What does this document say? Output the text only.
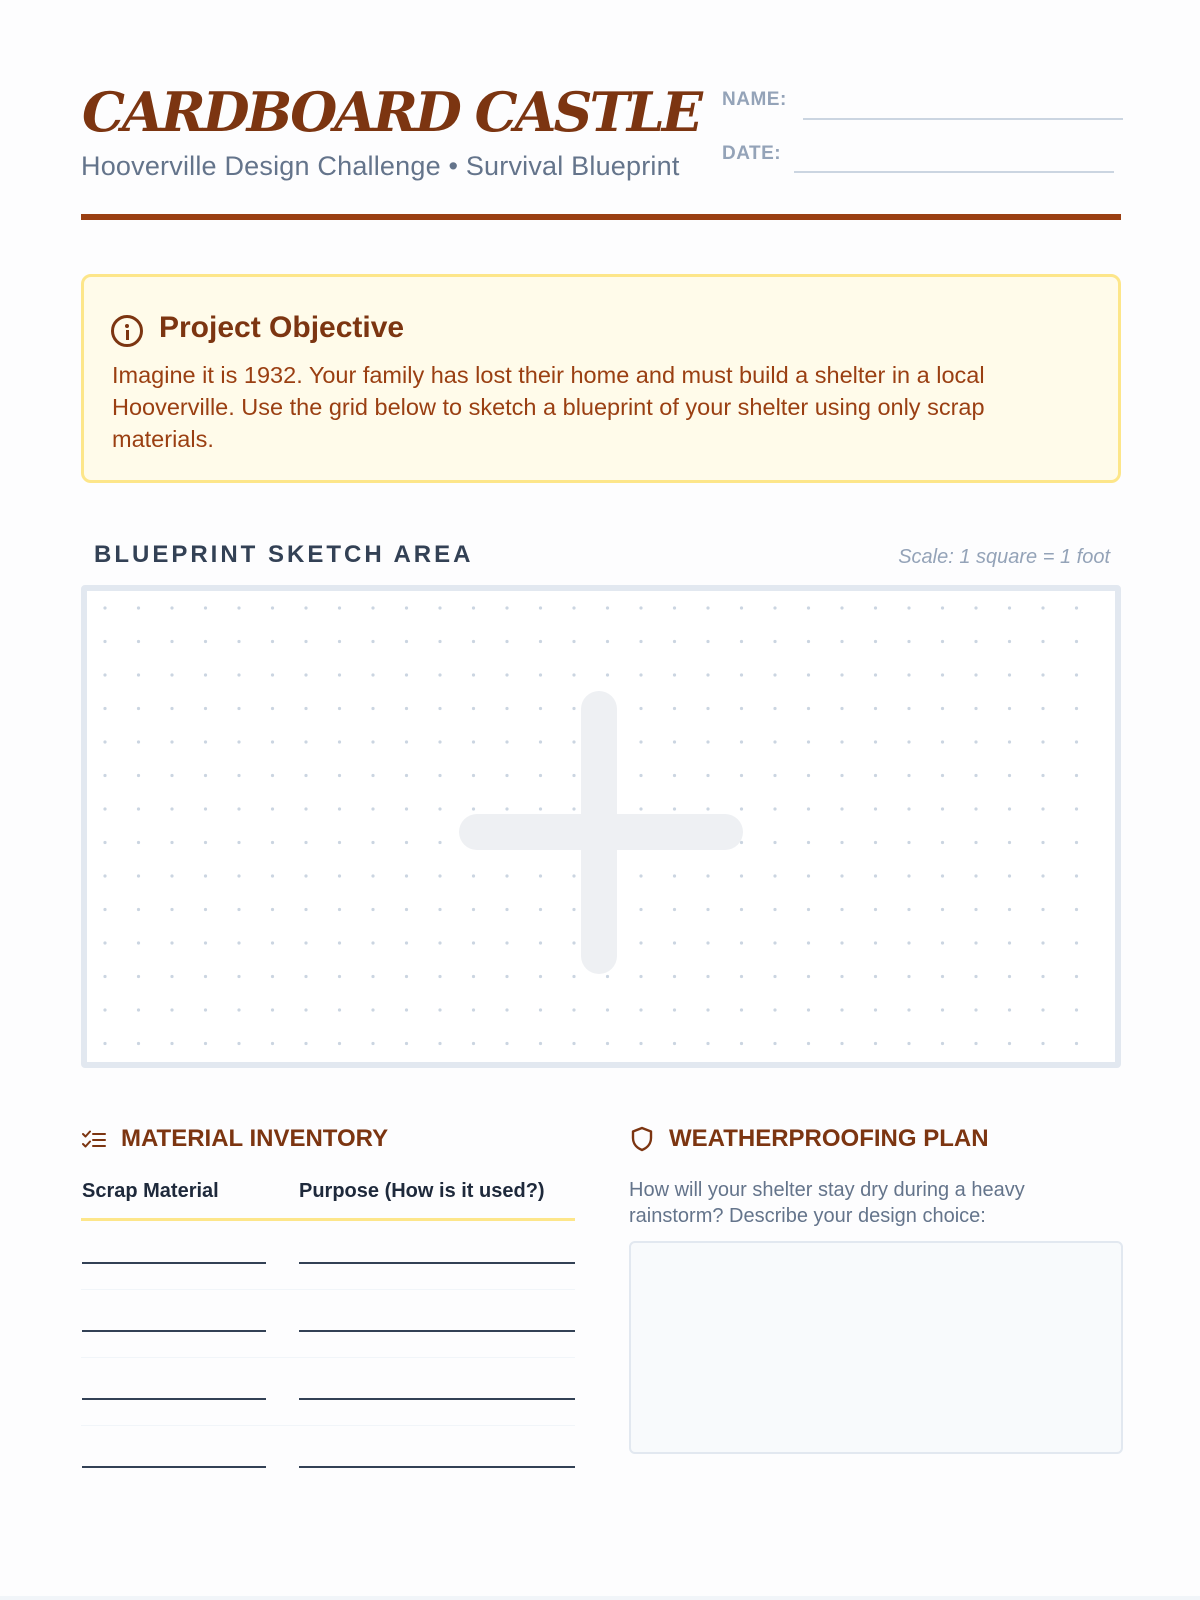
CARDBOARD CASTLE
Hooverville Design Challenge • Survival Blueprint
NAME:
DATE:
Project Objective
Imagine it is 1932. Your family has lost their home and must build a shelter in a local Hooverville. Use the grid below to sketch a blueprint of your shelter using only scrap materials.
BLUEPRINT SKETCH AREA	Scale: 1 square = 1 foot
MATERIAL INVENTORY
Scrap Material	Purpose (How is it used?)
WEATHERPROOFING PLAN
How will your shelter stay dry during a heavy rainstorm? Describe your design choice:
